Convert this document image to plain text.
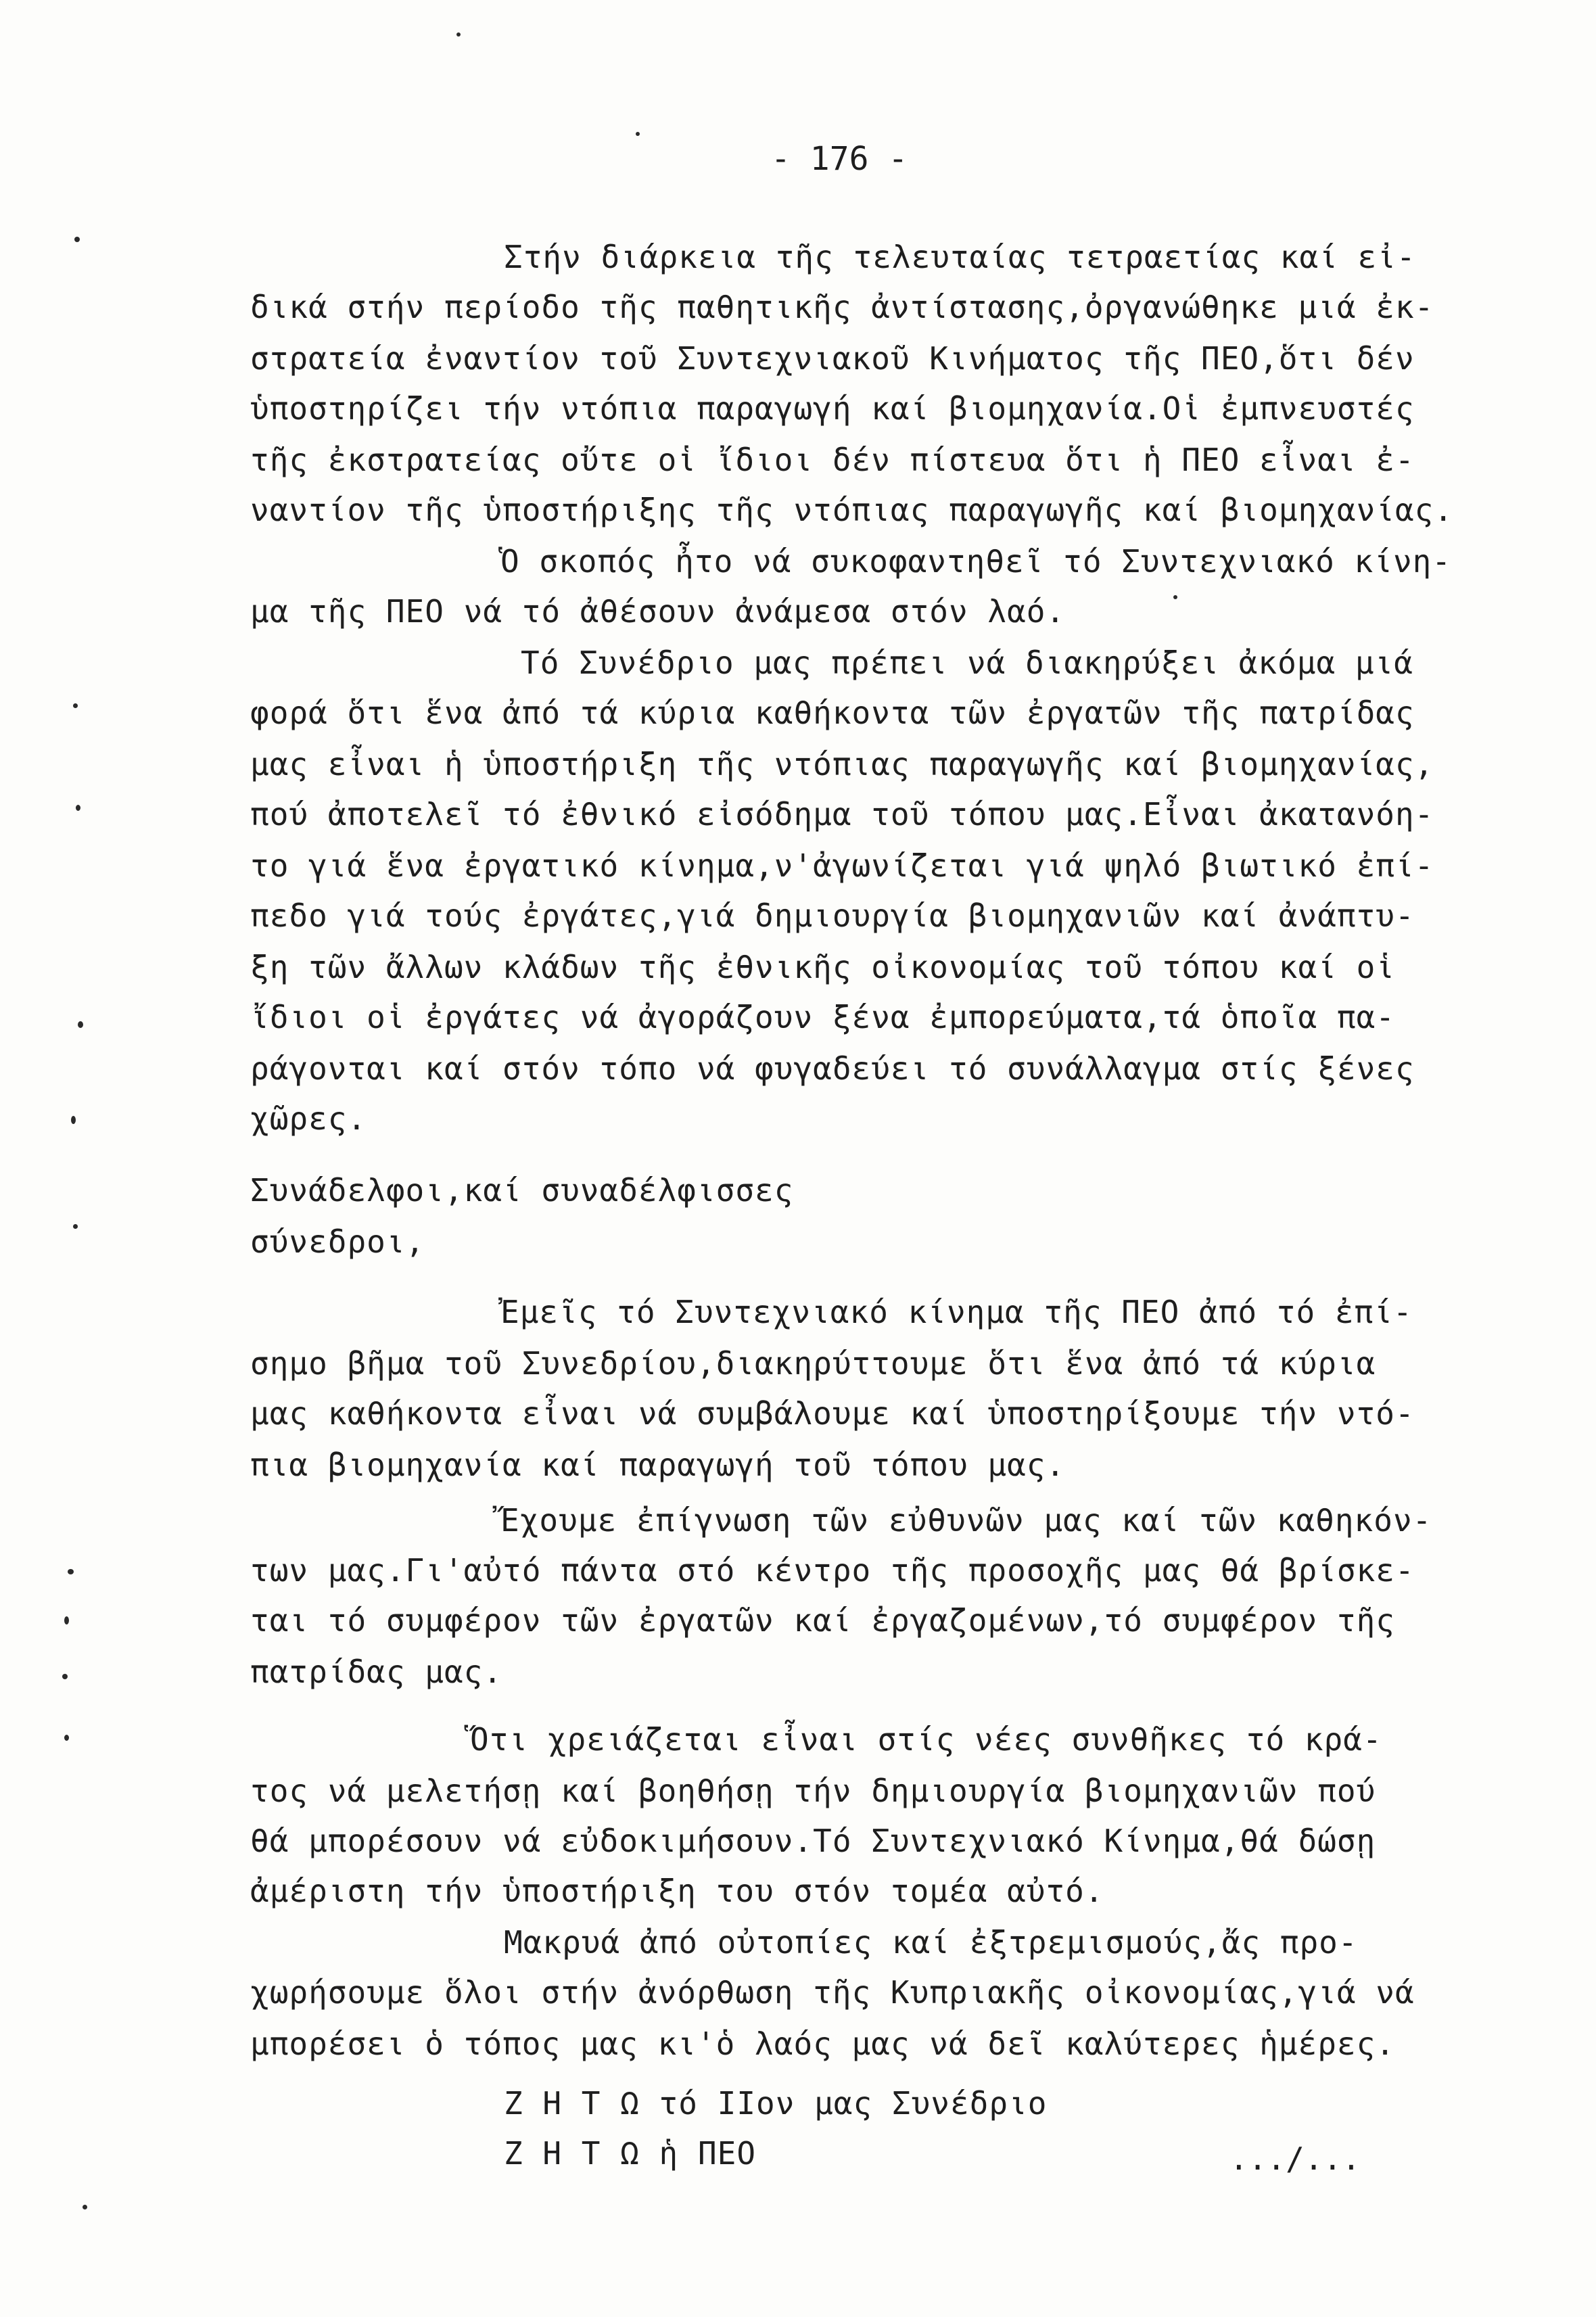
- 176 -
Στήν διάρκεια τῆς τελευταίας τετραετίας καί εἰ-
δικά στήν περίοδο τῆς παθητικῆς ἀντίστασης,ὀργανώθηκε μιά ἐκ-
στρατεία ἐναντίον τοῦ Συντεχνιακοῦ Κινήματος τῆς ΠΕΟ,ὅτι δέν
ὑποστηρίζει τήν ντόπια παραγωγή καί βιομηχανία.Οἱ ἐμπνευστές
τῆς ἐκστρατείας οὔτε οἱ ἴδιοι δέν πίστευα ὅτι ἡ ΠΕΟ εἶναι ἐ-
ναντίον τῆς ὑποστήριξης τῆς ντόπιας παραγωγῆς καί βιομηχανίας.
Ὁ σκοπός ἦτο νά συκοφαντηθεῖ τό Συντεχνιακό κίνη-
μα τῆς ΠΕΟ νά τό ἀθέσουν ἀνάμεσα στόν λαό.
Τό Συνέδριο μας πρέπει νά διακηρύξει ἀκόμα μιά
φορά ὅτι ἕνα ἀπό τά κύρια καθήκοντα τῶν ἐργατῶν τῆς πατρίδας
μας εἶναι ἡ ὑποστήριξη τῆς ντόπιας παραγωγῆς καί βιομηχανίας,
πού ἀποτελεῖ τό ἐθνικό εἰσόδημα τοῦ τόπου μας.Εἶναι ἀκατανόη-
το γιά ἕνα ἐργατικό κίνημα,ν'ἀγωνίζεται γιά ψηλό βιωτικό ἐπί-
πεδο γιά τούς ἐργάτες,γιά δημιουργία βιομηχανιῶν καί ἀνάπτυ-
ξη τῶν ἄλλων κλάδων τῆς ἐθνικῆς οἰκονομίας τοῦ τόπου καί οἱ
ἴδιοι οἱ ἐργάτες νά ἀγοράζουν ξένα ἐμπορεύματα,τά ὁποῖα πα-
ράγονται καί στόν τόπο νά φυγαδεύει τό συνάλλαγμα στίς ξένες
χῶρες.
Συνάδελφοι,καί συναδέλφισσες
σύνεδροι,
Ἐμεῖς τό Συντεχνιακό κίνημα τῆς ΠΕΟ ἀπό τό ἐπί-
σημο βῆμα τοῦ Συνεδρίου,διακηρύττουμε ὅτι ἕνα ἀπό τά κύρια
μας καθήκοντα εἶναι νά συμβάλουμε καί ὑποστηρίξουμε τήν ντό-
πια βιομηχανία καί παραγωγή τοῦ τόπου μας.
Ἔχουμε ἐπίγνωση τῶν εὐθυνῶν μας καί τῶν καθηκόν-
των μας.Γι'αὐτό πάντα στό κέντρο τῆς προσοχῆς μας θά βρίσκε-
ται τό συμφέρον τῶν ἐργατῶν καί ἐργαζομένων,τό συμφέρον τῆς
πατρίδας μας.
Ὅτι χρειάζεται εἶναι στίς νέες συνθῆκες τό κρά-
τος νά μελετήσῃ καί βοηθήσῃ τήν δημιουργία βιομηχανιῶν πού
θά μπορέσουν νά εὐδοκιμήσουν.Τό Συντεχνιακό Κίνημα,θά δώσῃ
ἀμέριστη τήν ὑποστήριξη του στόν τομέα αὐτό.
Μακρυά ἀπό οὐτοπίες καί ἐξτρεμισμούς,ἄς προ-
χωρήσουμε ὅλοι στήν ἀνόρθωση τῆς Κυπριακῆς οἰκονομίας,γιά νά
μπορέσει ὁ τόπος μας κι'ὁ λαός μας νά δεῖ καλύτερες ἡμέρες.
Ζ Η Τ Ω τό ΙΙον μας Συνέδριο
Ζ Η Τ Ω ἡ ΠΕΟ	.../...
